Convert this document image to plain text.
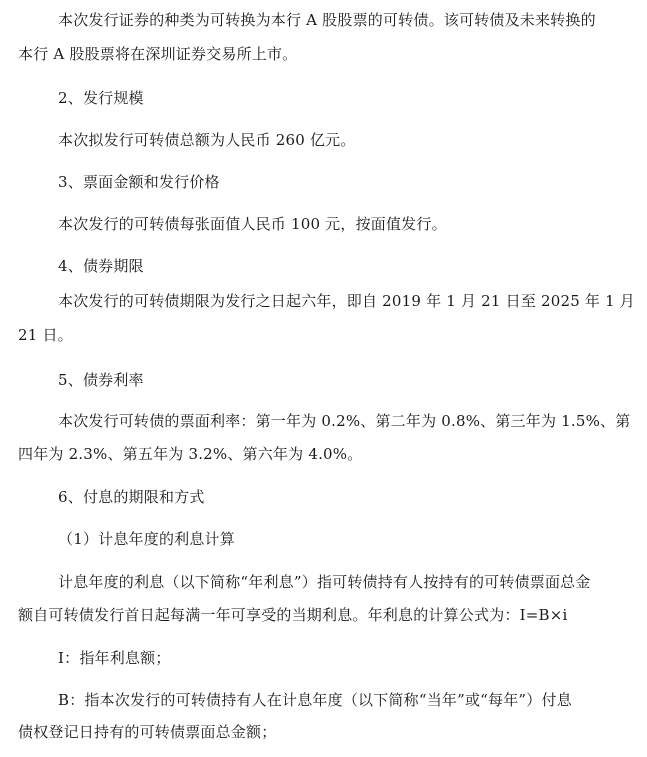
本次发行证券的种类为可转换为本行 A 股股票的可转债。该可转债及未来转换的
本行 A 股股票将在深圳证券交易所上市。
2、发行规模
本次拟发行可转债总额为人民币 260 亿元。
3、票面金额和发行价格
本次发行的可转债每张面值人民币 100 元，按面值发行。
4、债券期限
本次发行的可转债期限为发行之日起六年，即自 2019 年 1 月 21 日至 2025 年 1 月
21 日。
5、债券利率
本次发行可转债的票面利率：第一年为 0.2%、第二年为 0.8%、第三年为 1.5%、第
四年为 2.3%、第五年为 3.2%、第六年为 4.0%。
6、付息的期限和方式
（1）计息年度的利息计算
计息年度的利息（以下简称“年利息”）指可转债持有人按持有的可转债票面总金
额自可转债发行首日起每满一年可享受的当期利息。年利息的计算公式为：I=B×i
I：指年利息额；
B：指本次发行的可转债持有人在计息年度（以下简称“当年”或“每年”）付息
债权登记日持有的可转债票面总金额；
